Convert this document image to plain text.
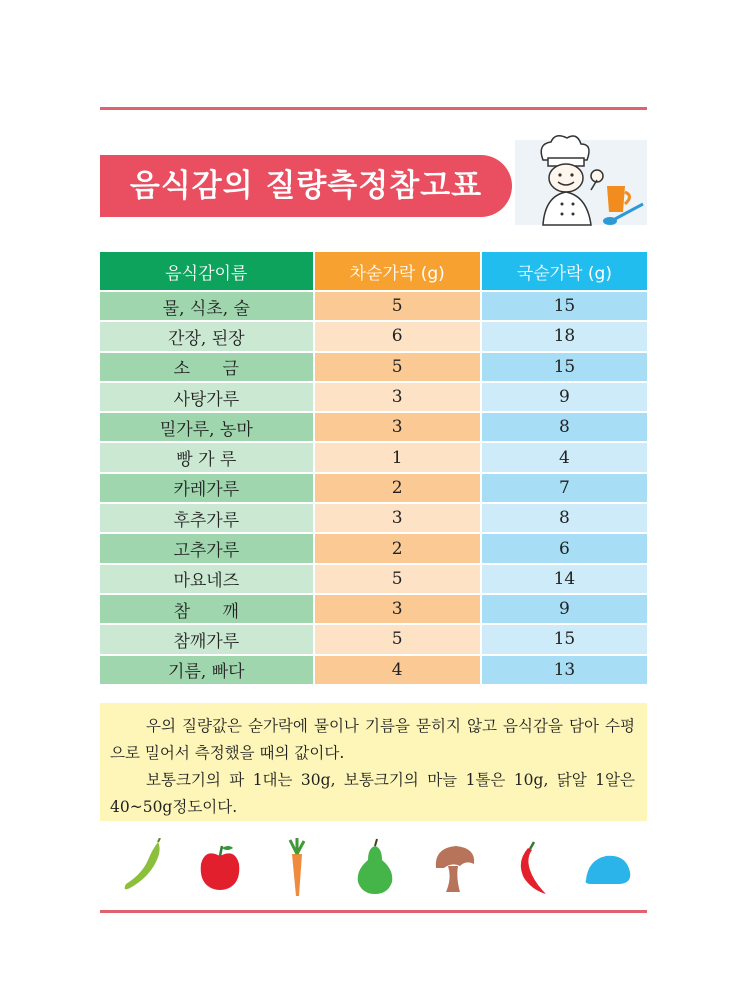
음식감의 질량측정참고표
음식감이름	차숟가락 (g)	국숟가락 (g)
물, 식초, 술	5	15
간장, 된장	6	18
소      금	5	15
사탕가루	3	9
밀가루, 농마	3	8
빵 가 루	1	4
카레가루	2	7
후추가루	3	8
고추가루	2	6
마요네즈	5	14
참      깨	3	9
참깨가루	5	15
기름, 빠다	4	13

우의 질량값은 숟가락에 물이나 기름을 묻히지 않고 음식감을 담아 수평으로 밀어서 측정했을 때의 값이다.

보통크기의 파 1대는 30g, 보통크기의 마늘 1톨은 10g, 닭알 1알은 40~50g정도이다.
